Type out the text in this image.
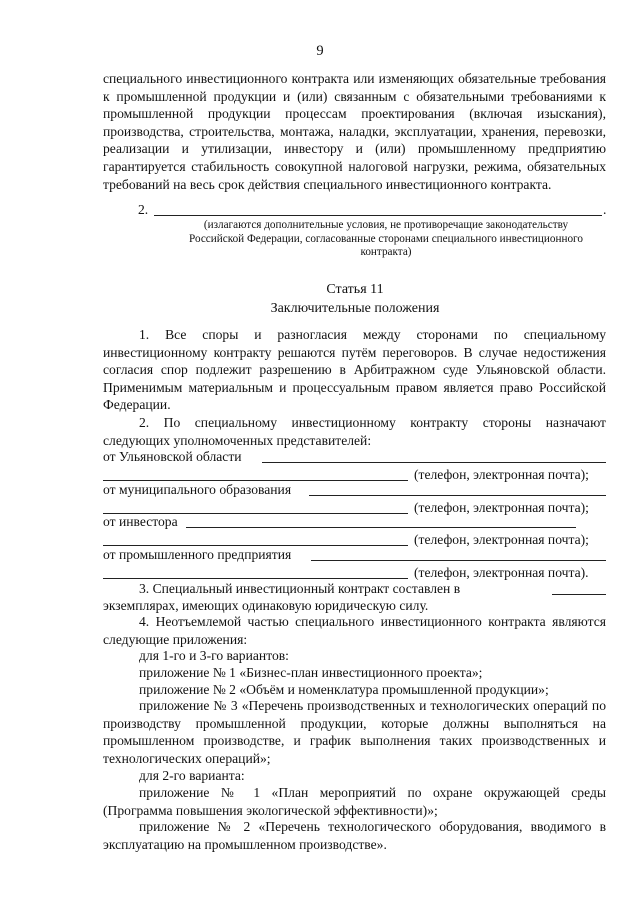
9

специального инвестиционного контракта или изменяющих обязательные требования к промышленной продукции и (или) связанным с обязательными требованиями к промышленной продукции процессам проектирования (включая изыскания), производства, строительства, монтажа, наладки, эксплуатации, хранения, перевозки, реализации и утилизации, инвестору и (или) промышленному предприятию гарантируется стабильность совокупной налоговой нагрузки, режима, обязательных требований на весь срок действия специального инвестиционного контракта.

2.	.
(излагаются дополнительные условия, не противоречащие законодательству Российской Федерации, согласованные сторонами специального инвестиционного контракта)
Статья 11
Заключительные положения

1. Все споры и разногласия между сторонами по специальному инвестиционному контракту решаются путём переговоров. В случае недостижения согласия спор подлежит разрешению в Арбитражном суде Ульяновской области. Применимым материальным и процессуальным правом является право Российской Федерации.

2. По специальному инвестиционному контракту стороны назначают следующих уполномоченных представителей:

от Ульяновской области
(телефон, электронная почта);
от муниципального образования
(телефон, электронная почта);
от инвестора
(телефон, электронная почта);
от промышленного предприятия
(телефон, электронная почта).
3. Специальный инвестиционный контракт составлен в
экземплярах, имеющих одинаковую юридическую силу.

4. Неотъемлемой частью специального инвестиционного контракта являются следующие приложения:

для 1-го и 3-го вариантов:
приложение № 1 «Бизнес-план инвестиционного проекта»;
приложение № 2 «Объём и номенклатура промышленной продукции»;

приложение № 3 «Перечень производственных и технологических операций по производству промышленной продукции, которые должны выполняться на промышленном производстве, и график выполнения таких производственных и технологических операций»;

для 2-го варианта:

приложение № 1 «План мероприятий по охране окружающей среды (Программа повышения экологической эффективности)»;

приложение № 2 «Перечень технологического оборудования, вводимого в эксплуатацию на промышленном производстве».
